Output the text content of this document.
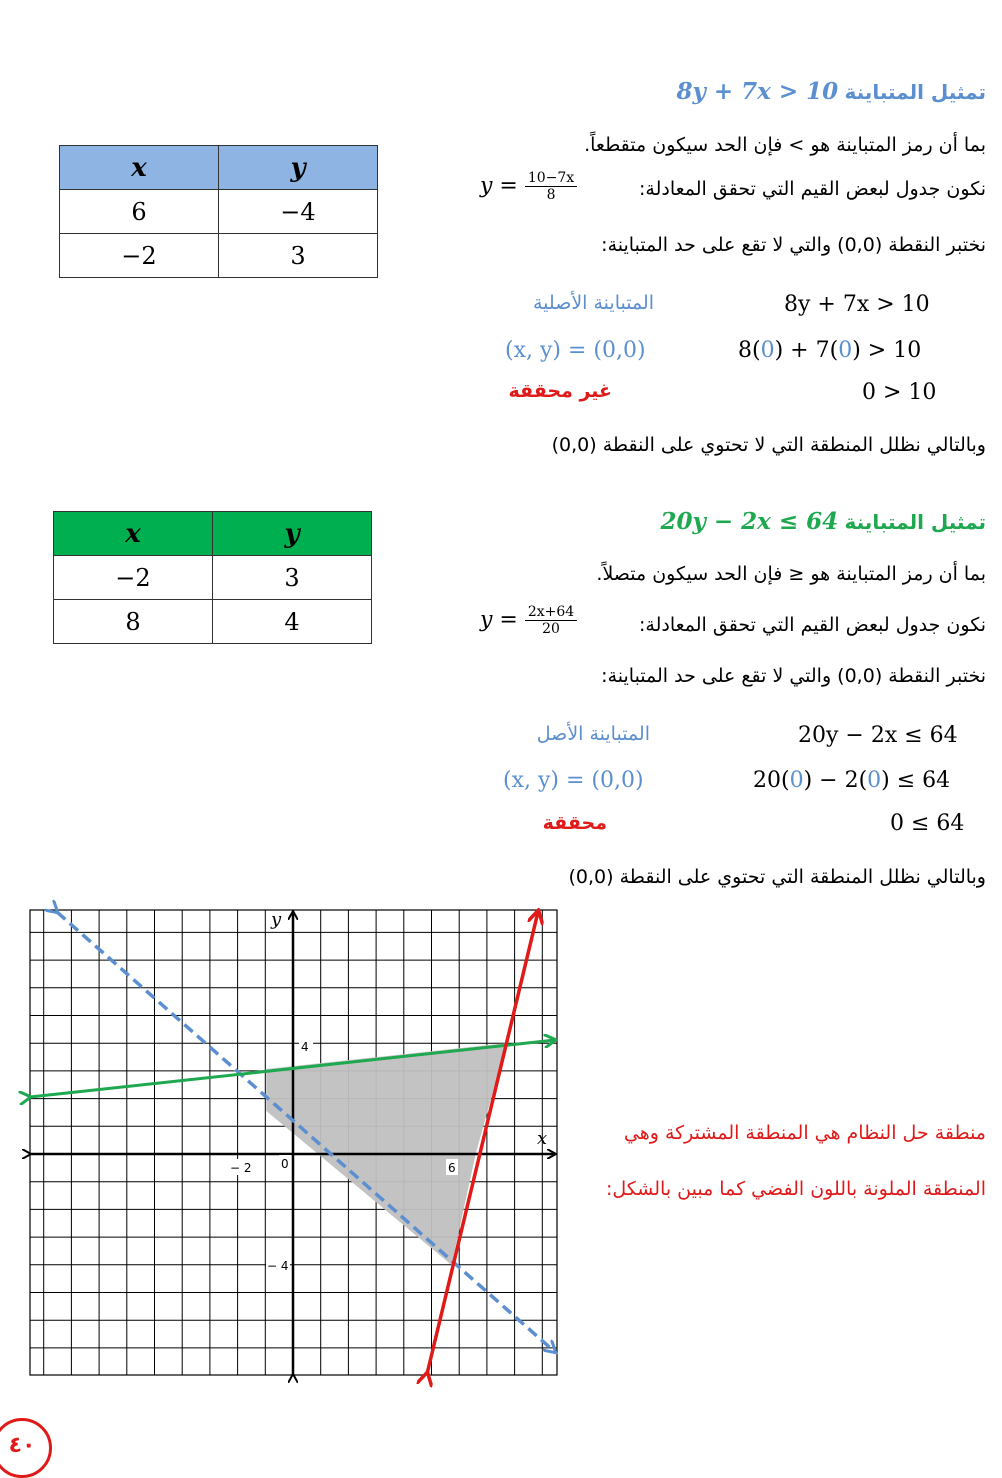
تمثيل المتباينة 8y + 7x > 10
بما أن رمز المتباينة هو > فإن الحد سيكون متقطعاً.
نكون جدول لبعض القيم التي تحقق المعادلة:
$y = \frac{10-7x}{8}$
نختبر النقطة (0,0) والتي لا تقع على حد المتباينة:
المتباينة الأصلية	8y + 7x > 10
(x, y) = (0,0)	8(0) + 7(0) > 10
غير محققة	0 > 10
وبالتالي نظلل المنطقة التي لا تحتوي على النقطة (0,0)
x	y
6	−4
−2	3
تمثيل المتباينة 20y − 2x ≤ 64
بما أن رمز المتباينة هو ≤ فإن الحد سيكون متصلاً.
نكون جدول لبعض القيم التي تحقق المعادلة:
$y = \frac{2x+64}{20}$
نختبر النقطة (0,0) والتي لا تقع على حد المتباينة:
المتباينة الأصل	20y − 2x ≤ 64
(x, y) = (0,0)	20(0) − 2(0) ≤ 64
محققة	0 ≤ 64
وبالتالي نظلل المنطقة التي تحتوي على النقطة (0,0)
x	y
−2	3
8	4
x
y
− 2 0	6
4
− 4
منطقة حل النظام هي المنطقة المشتركة وهي
المنطقة الملونة باللون الفضي كما مبين بالشكل:
٤٠
